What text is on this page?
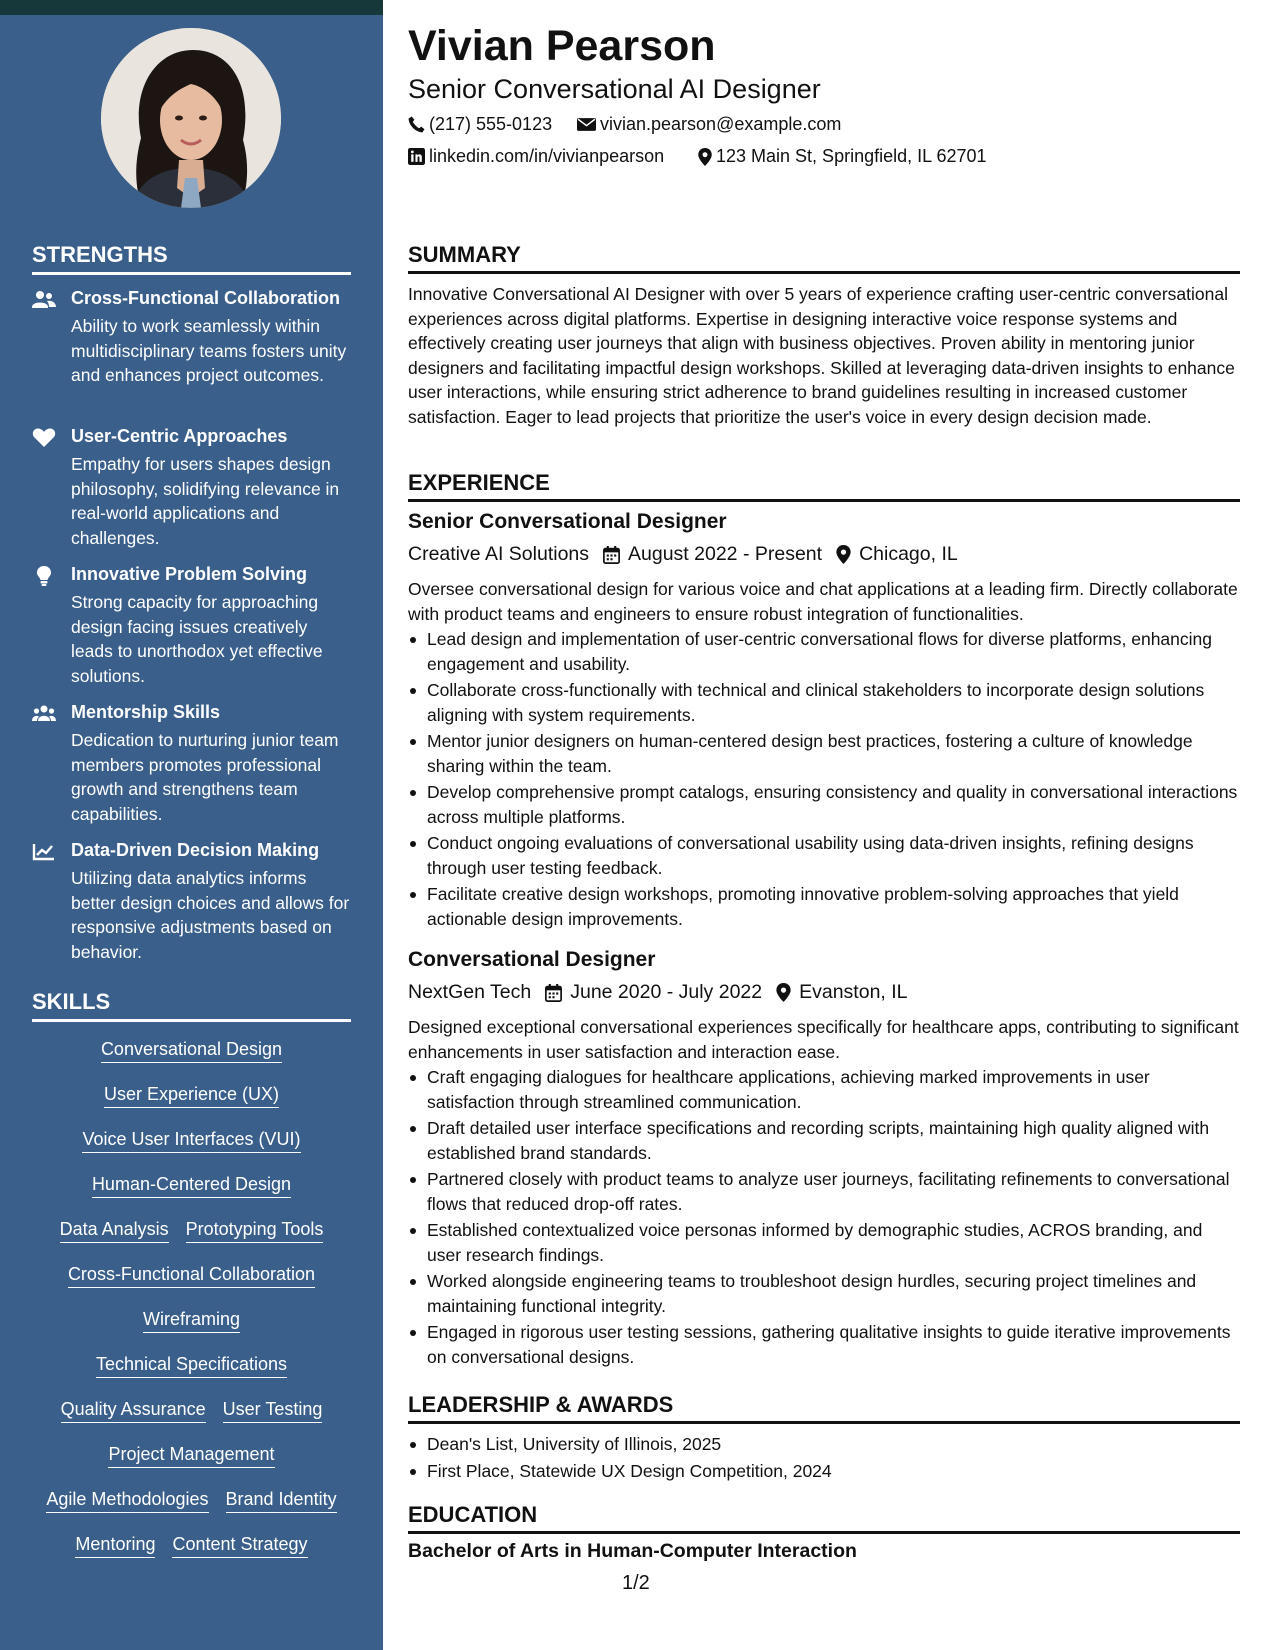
STRENGTHS
Cross-Functional Collaboration
Ability to work seamlessly within multidisciplinary teams fosters unity and enhances project outcomes.
User-Centric Approaches
Empathy for users shapes design philosophy, solidifying relevance in real-world applications and challenges.
Innovative Problem Solving
Strong capacity for approaching design facing issues creatively leads to unorthodox yet effective solutions.
Mentorship Skills
Dedication to nurturing junior team members promotes professional growth and strengthens team capabilities.
Data-Driven Decision Making
Utilizing data analytics informs better design choices and allows for responsive adjustments based on behavior.
SKILLS
Conversational Design
User Experience (UX)
Voice User Interfaces (VUI)
Human-Centered Design
Data Analysis Prototyping Tools
Cross-Functional Collaboration
Wireframing
Technical Specifications
Quality Assurance User Testing
Project Management
Agile Methodologies Brand Identity
Mentoring Content Strategy
Vivian Pearson
Senior Conversational AI Designer
(217) 555-0123	vivian.pearson@example.com
linkedin.com/in/vivianpearson	123 Main St, Springfield, IL 62701
SUMMARY
Innovative Conversational AI Designer with over 5 years of experience crafting user-centric conversational experiences across digital platforms. Expertise in designing interactive voice response systems and effectively creating user journeys that align with business objectives. Proven ability in mentoring junior designers and facilitating impactful design workshops. Skilled at leveraging data-driven insights to enhance user interactions, while ensuring strict adherence to brand guidelines resulting in increased customer satisfaction. Eager to lead projects that prioritize the user's voice in every design decision made.
EXPERIENCE
Senior Conversational Designer
Creative AI Solutions August 2022 - Present Chicago, IL
Oversee conversational design for various voice and chat applications at a leading firm. Directly collaborate with product teams and engineers to ensure robust integration of functionalities.
Lead design and implementation of user-centric conversational flows for diverse platforms, enhancing engagement and usability.
Collaborate cross-functionally with technical and clinical stakeholders to incorporate design solutions aligning with system requirements.
Mentor junior designers on human-centered design best practices, fostering a culture of knowledge sharing within the team.
Develop comprehensive prompt catalogs, ensuring consistency and quality in conversational interactions across multiple platforms.
Conduct ongoing evaluations of conversational usability using data-driven insights, refining designs through user testing feedback.
Facilitate creative design workshops, promoting innovative problem-solving approaches that yield actionable design improvements.
Conversational Designer
NextGen Tech June 2020 - July 2022 Evanston, IL
Designed exceptional conversational experiences specifically for healthcare apps, contributing to significant enhancements in user satisfaction and interaction ease.
Craft engaging dialogues for healthcare applications, achieving marked improvements in user satisfaction through streamlined communication.
Draft detailed user interface specifications and recording scripts, maintaining high quality aligned with established brand standards.
Partnered closely with product teams to analyze user journeys, facilitating refinements to conversational flows that reduced drop-off rates.
Established contextualized voice personas informed by demographic studies, ACROS branding, and user research findings.
Worked alongside engineering teams to troubleshoot design hurdles, securing project timelines and maintaining functional integrity.
Engaged in rigorous user testing sessions, gathering qualitative insights to guide iterative improvements on conversational designs.
LEADERSHIP & AWARDS
Dean's List, University of Illinois, 2025
First Place, Statewide UX Design Competition, 2024
EDUCATION
Bachelor of Arts in Human-Computer Interaction
1/2
